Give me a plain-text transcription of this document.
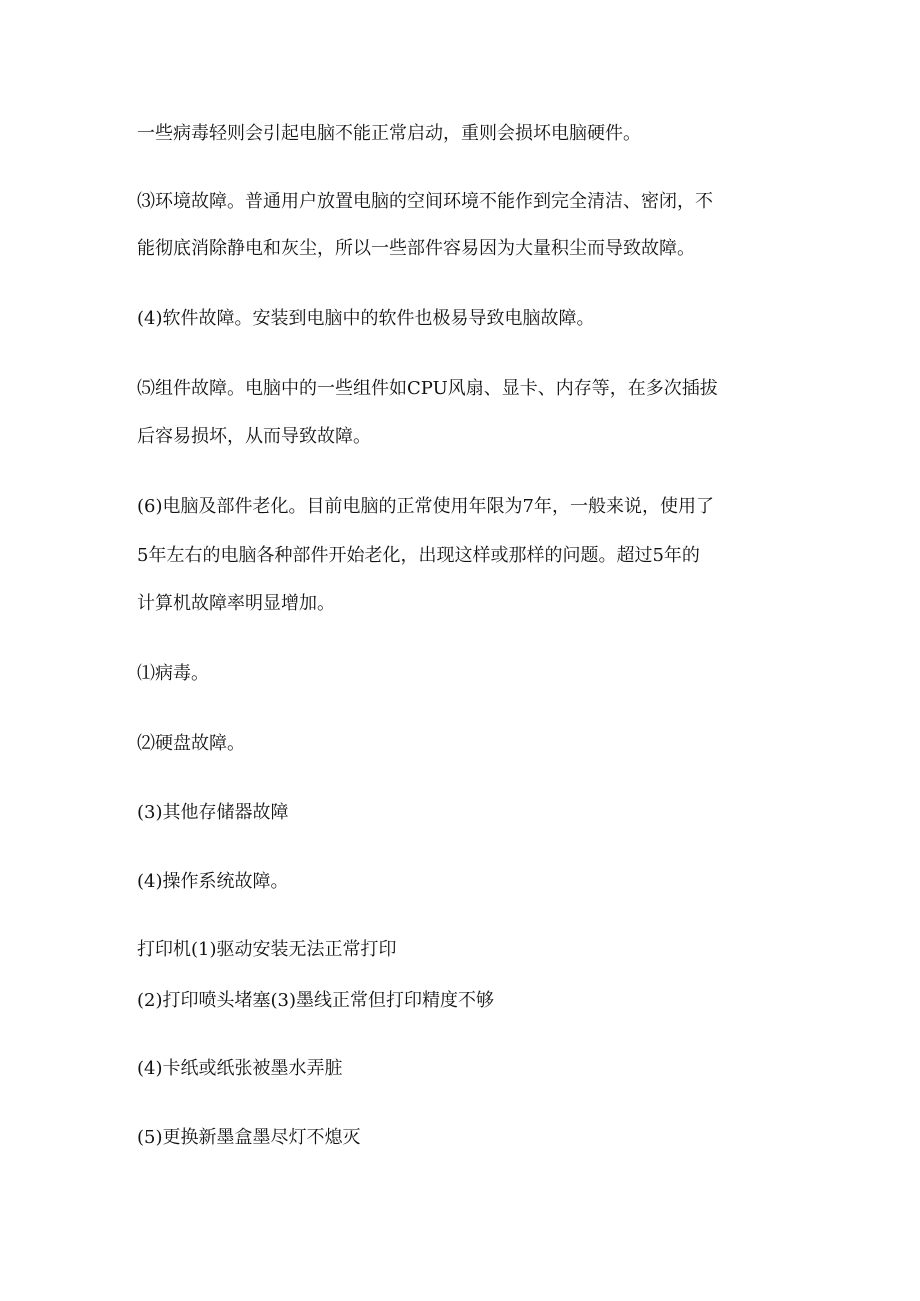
一些病毒轻则会引起电脑不能正常启动，重则会损坏电脑硬件。

⑶环境故障。普通用户放置电脑的空间环境不能作到完全清洁、密闭，不

能彻底消除静电和灰尘，所以一些部件容易因为大量积尘而导致故障。

(4)软件故障。安装到电脑中的软件也极易导致电脑故障。

⑸组件故障。电脑中的一些组件如CPU风扇、显卡、内存等，在多次插拔

后容易损坏，从而导致故障。

(6)电脑及部件老化。目前电脑的正常使用年限为7年，一般来说，使用了

5年左右的电脑各种部件开始老化，出现这样或那样的问题。超过5年的

计算机故障率明显增加。

⑴病毒。

⑵硬盘故障。

(3)其他存储器故障

(4)操作系统故障。

打印机(1)驱动安装无法正常打印

(2)打印喷头堵塞(3)墨线正常但打印精度不够

(4)卡纸或纸张被墨水弄脏

(5)更换新墨盒墨尽灯不熄灭
